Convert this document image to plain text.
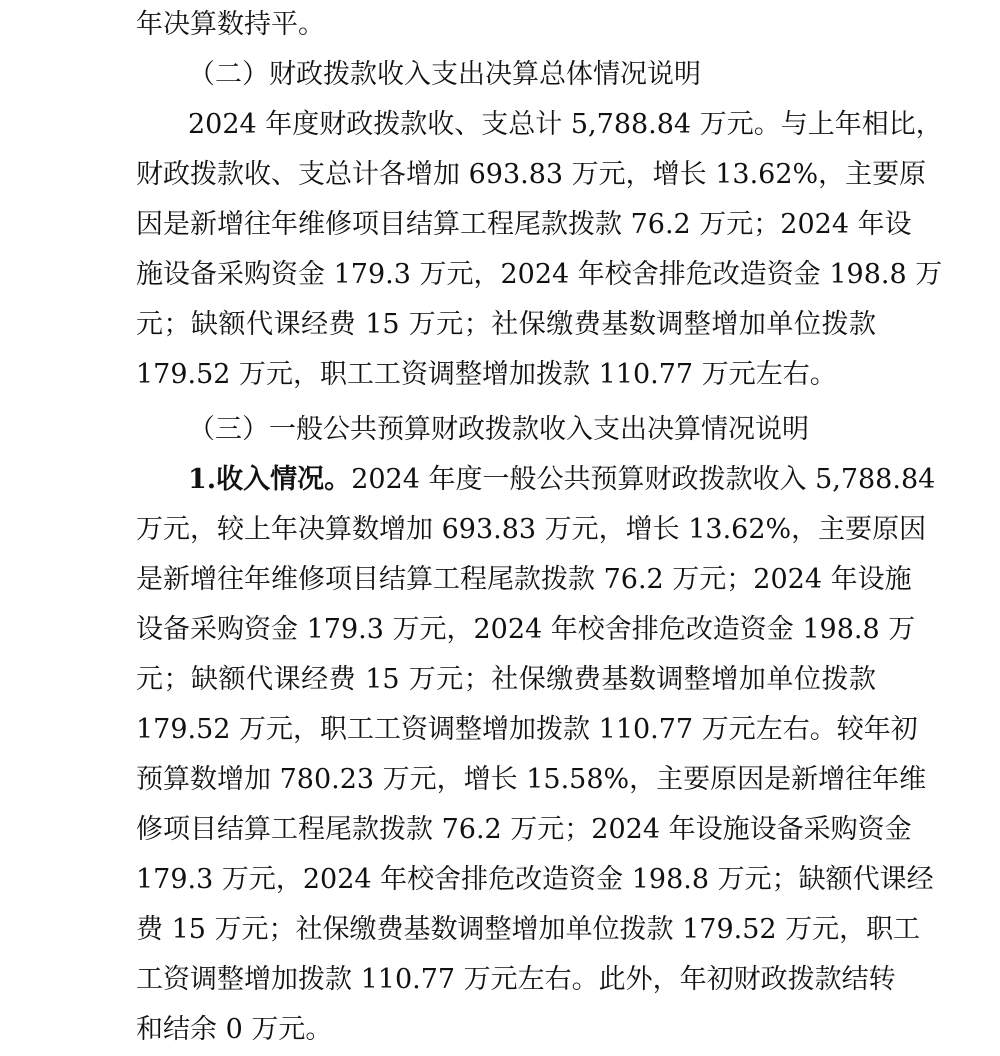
年决算数持平。
（二）财政拨款收入支出决算总体情况说明
2024 年度财政拨款收、支总计 5,788.84 万元。与上年相比，
财政拨款收、支总计各增加 693.83 万元，增长 13.62%，主要原
因是新增往年维修项目结算工程尾款拨款 76.2 万元；2024 年设
施设备采购资金 179.3 万元，2024 年校舍排危改造资金 198.8 万
元；缺额代课经费 15 万元；社保缴费基数调整增加单位拨款
179.52 万元，职工工资调整增加拨款 110.77 万元左右。
（三）一般公共预算财政拨款收入支出决算情况说明
1.收入情况。2024 年度一般公共预算财政拨款收入 5,788.84
万元，较上年决算数增加 693.83 万元，增长 13.62%，主要原因
是新增往年维修项目结算工程尾款拨款 76.2 万元；2024 年设施
设备采购资金 179.3 万元，2024 年校舍排危改造资金 198.8 万
元；缺额代课经费 15 万元；社保缴费基数调整增加单位拨款
179.52 万元，职工工资调整增加拨款 110.77 万元左右。较年初
预算数增加 780.23 万元，增长 15.58%，主要原因是新增往年维
修项目结算工程尾款拨款 76.2 万元；2024 年设施设备采购资金
179.3 万元，2024 年校舍排危改造资金 198.8 万元；缺额代课经
费 15 万元；社保缴费基数调整增加单位拨款 179.52 万元，职工
工资调整增加拨款 110.77 万元左右。此外，年初财政拨款结转
和结余 0 万元。
